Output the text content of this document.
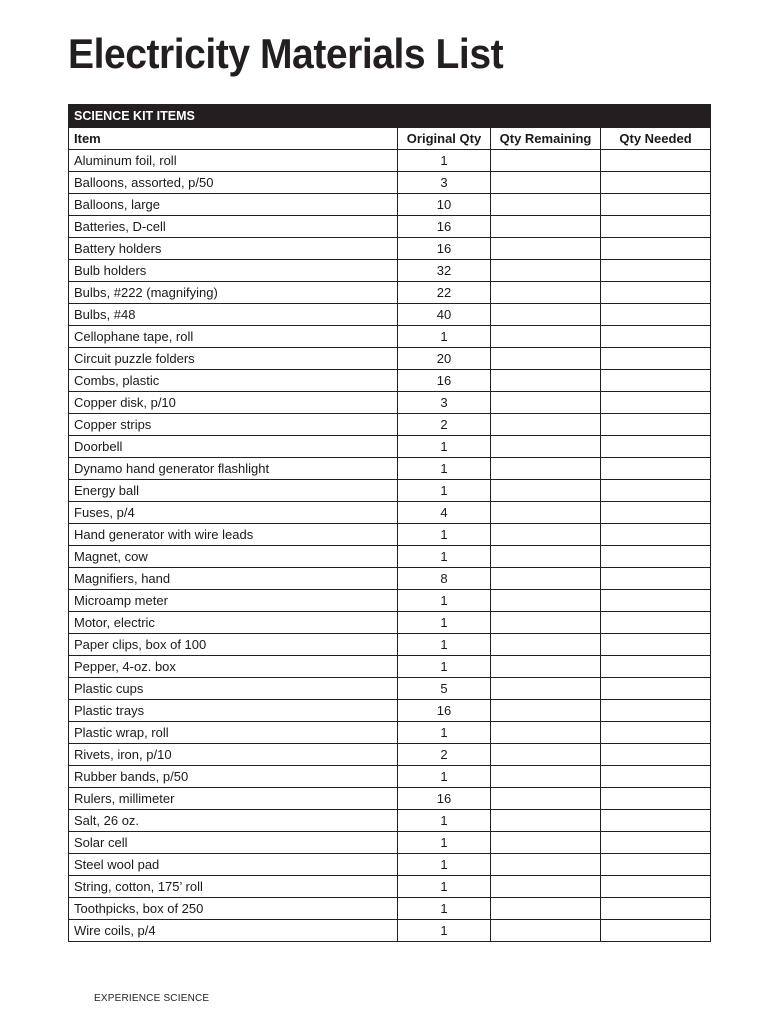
Electricity Materials List
SCIENCE KIT ITEMS			
Item	Original Qty	Qty Remaining	Qty Needed
Aluminum foil, roll	1		
Balloons, assorted, p/50	3		
Balloons, large	10		
Batteries, D-cell	16		
Battery holders	16		
Bulb holders	32		
Bulbs, #222 (magnifying)	22		
Bulbs, #48	40		
Cellophane tape, roll	1		
Circuit puzzle folders	20		
Combs, plastic	16		
Copper disk, p/10	3		
Copper strips	2		
Doorbell	1		
Dynamo hand generator flashlight	1		
Energy ball	1		
Fuses, p/4	4		
Hand generator with wire leads	1		
Magnet, cow	1		
Magnifiers, hand	8		
Microamp meter	1		
Motor, electric	1		
Paper clips, box of 100	1		
Pepper, 4-oz. box	1		
Plastic cups	5		
Plastic trays	16		
Plastic wrap, roll	1		
Rivets, iron, p/10	2		
Rubber bands, p/50	1		
Rulers, millimeter	16		
Salt, 26 oz.	1		
Solar cell	1		
Steel wool pad	1		
String, cotton, 175’ roll	1		
Toothpicks, box of 250	1		
Wire coils, p/4	1		
EXPERIENCE SCIENCE
